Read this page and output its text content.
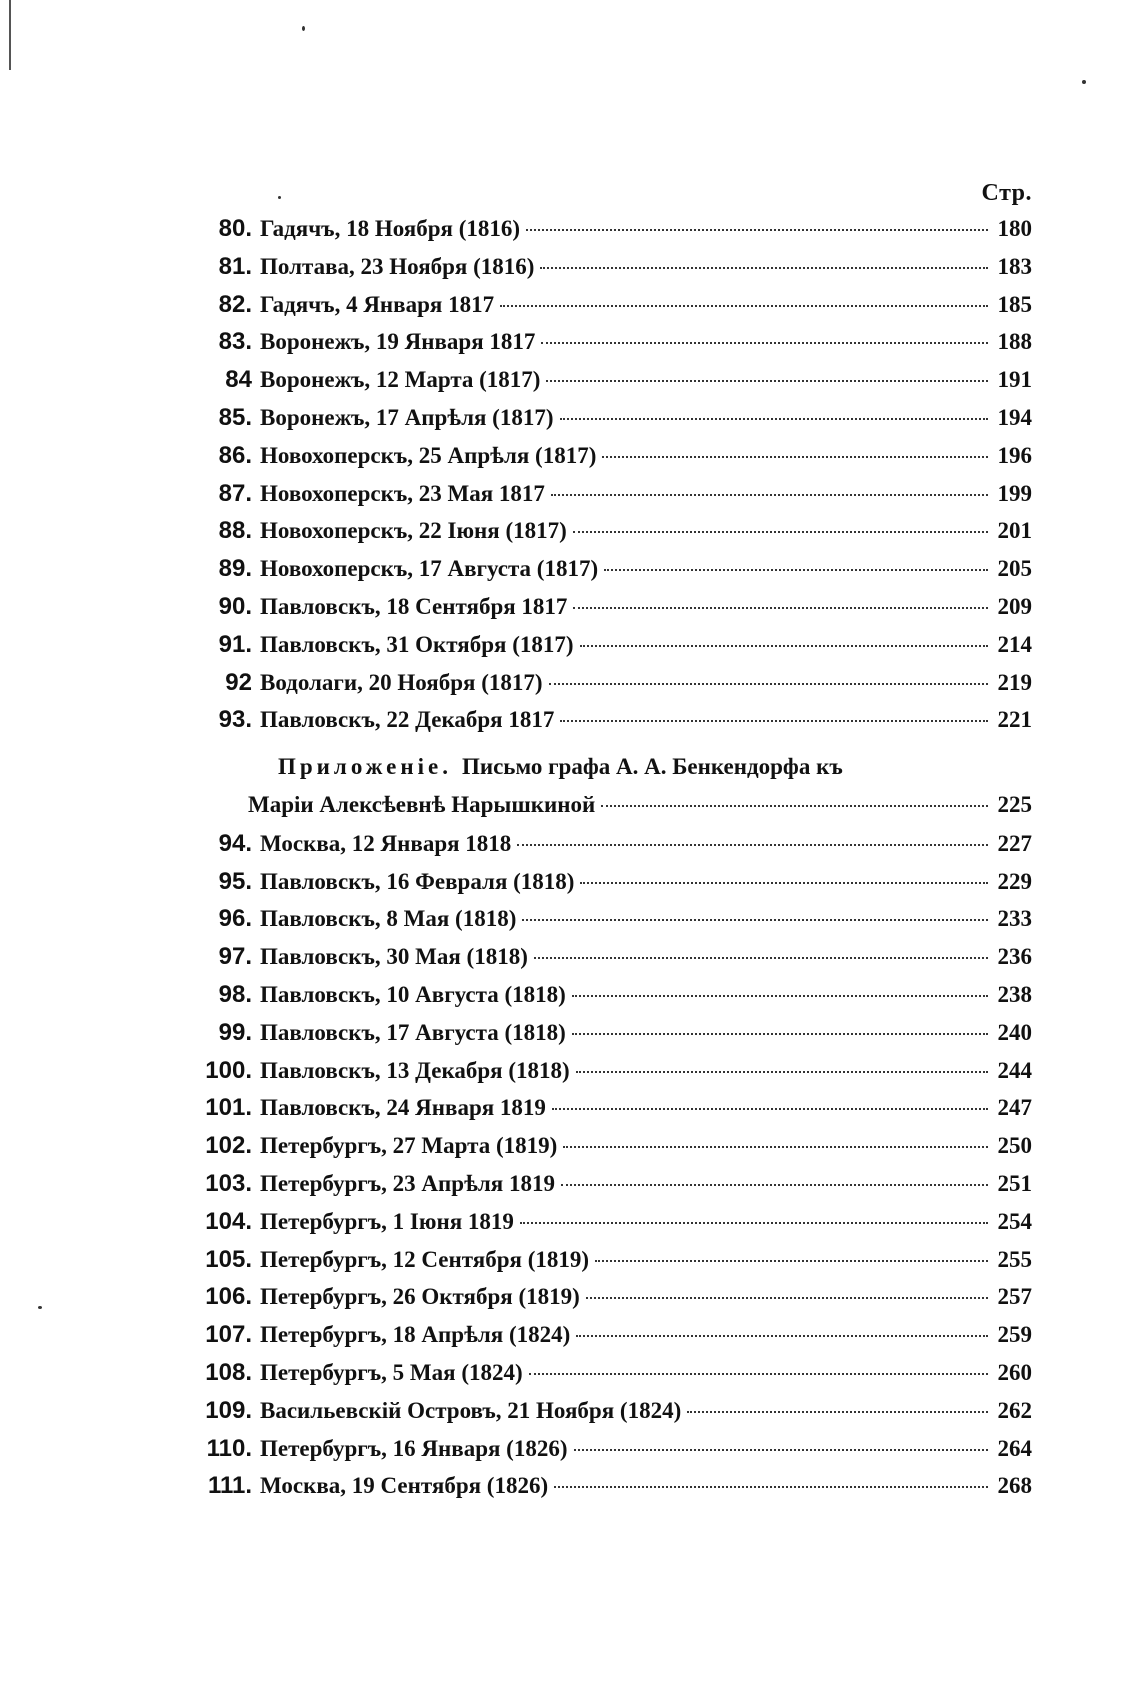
Стр.
80. Гадячъ, 18 Ноября (1816)	180
81. Полтава, 23 Ноября (1816)	183
82. Гадячъ, 4 Января 1817	185
83. Воронежъ, 19 Января 1817	188
84 Воронежъ, 12 Марта (1817)	191
85. Воронежъ, 17 Апрѣля (1817)	194
86. Новохоперскъ, 25 Апрѣля (1817)	196
87. Новохоперскъ, 23 Мая 1817	199
88. Новохоперскъ, 22 Іюня (1817)	201
89. Новохоперскъ, 17 Августа (1817)	205
90. Павловскъ, 18 Сентября 1817	209
91. Павловскъ, 31 Октября (1817)	214
92 Водолаги, 20 Ноября (1817)	219
93. Павловскъ, 22 Декабря 1817	221
Приложеніе. Письмо графа А. А. Бенкендорфа къ
Маріи Алексѣевнѣ Нарышкиной	225
94. Москва, 12 Января 1818	227
95. Павловскъ, 16 Февраля (1818)	229
96. Павловскъ, 8 Мая (1818)	233
97. Павловскъ, 30 Мая (1818)	236
98. Павловскъ, 10 Августа (1818)	238
99. Павловскъ, 17 Августа (1818)	240
100. Павловскъ, 13 Декабря (1818)	244
101. Павловскъ, 24 Января 1819	247
102. Петербургъ, 27 Марта (1819)	250
103. Петербургъ, 23 Апрѣля 1819	251
104. Петербургъ, 1 Іюня 1819	254
105. Петербургъ, 12 Сентября (1819)	255
106. Петербургъ, 26 Октября (1819)	257
107. Петербургъ, 18 Апрѣля (1824)	259
108. Петербургъ, 5 Мая (1824)	260
109. Васильевскій Островъ, 21 Ноября (1824)	262
110. Петербургъ, 16 Января (1826)	264
111. Москва, 19 Сентября (1826)	268
